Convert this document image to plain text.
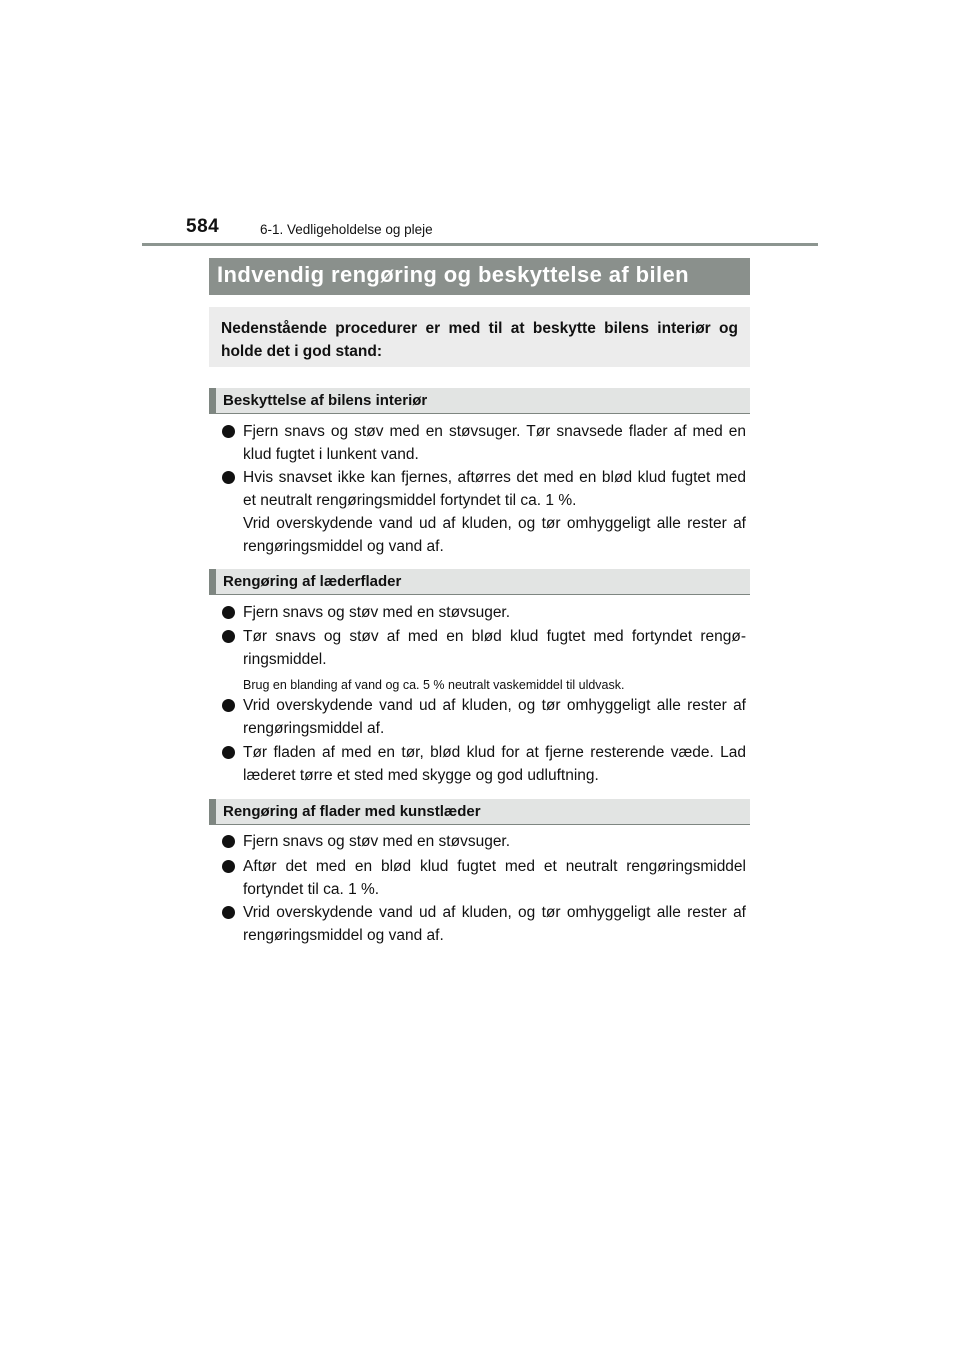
584	6-1. Vedligeholdelse og pleje
Indvendig rengøring og beskyttelse af bilen
Nedenstående procedurer er med til at beskytte bilens interiør og holde det i god stand:
Beskyttelse af bilens interiør
Fjern snavs og støv med en støvsuger. Tør snavsede flader af med en klud fugtet i lunkent vand.
Hvis snavset ikke kan fjernes, aftørres det med en blød klud fugtet med et neutralt rengøringsmiddel fortyndet til ca. 1 %.
Vrid overskydende vand ud af kluden, og tør omhyggeligt alle rester af rengøringsmiddel og vand af.
Rengøring af læderflader
Fjern snavs og støv med en støvsuger.
Tør snavs og støv af med en blød klud fugtet med fortyndet rengø-ringsmiddel.
Brug en blanding af vand og ca. 5 % neutralt vaskemiddel til uldvask.
Vrid overskydende vand ud af kluden, og tør omhyggeligt alle rester af rengøringsmiddel af.
Tør fladen af med en tør, blød klud for at fjerne resterende væde. Lad læderet tørre et sted med skygge og god udluftning.
Rengøring af flader med kunstlæder
Fjern snavs og støv med en støvsuger.
Aftør det med en blød klud fugtet med et neutralt rengøringsmiddel fortyndet til ca. 1 %.
Vrid overskydende vand ud af kluden, og tør omhyggeligt alle rester af rengøringsmiddel og vand af.
